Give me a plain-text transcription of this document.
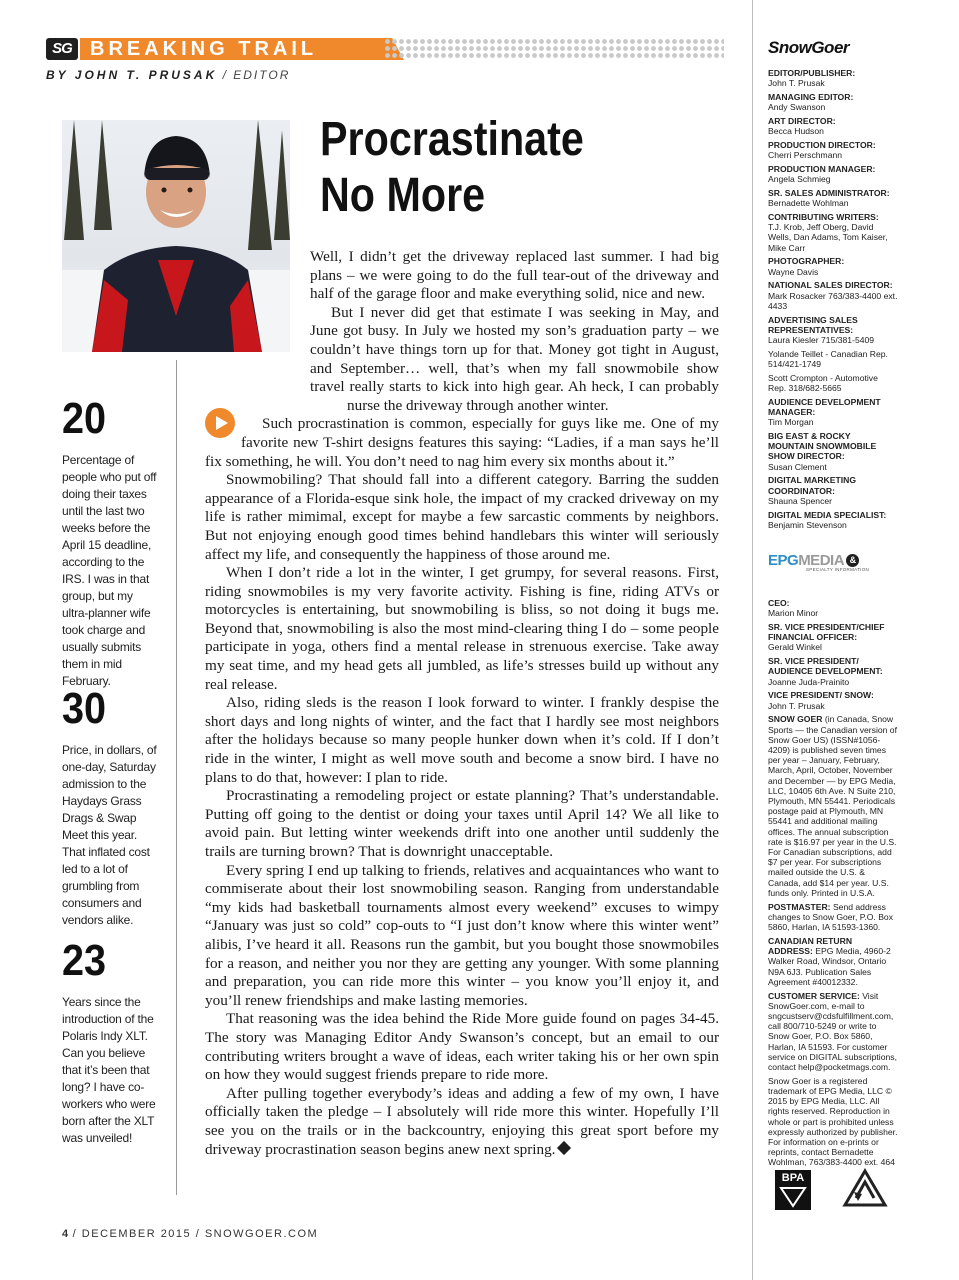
SG BREAKING TRAIL
BY JOHN T. PRUSAK / EDITOR
Procrastinate
No More

Well, I didn’t get the driveway replaced last summer. I had big plans – we were going to do the full tear-out of the driveway and half of the garage floor and make everything solid, nice and new.

But I never did get that estimate I was seeking in May, and June got busy. In July we hosted my son’s graduation party – we couldn’t have things torn up for that. Money got tight in August, and September… well, that’s when my fall snowmobile show travel really starts to kick into high gear. Ah heck, I can probably nurse the driveway through another winter.

Such procrastination is common, especially for guys like me. One of my favorite new T-shirt designs features this saying: “Ladies, if a man says he’ll fix something, he will. You don’t need to nag him every six months about it.”

Snowmobiling? That should fall into a different category. Barring the sudden appearance of a Florida-esque sink hole, the impact of my cracked driveway on my life is rather mimimal, except for maybe a few sarcastic comments by neighbors. But not enjoying enough good times behind handlebars this winter will seriously affect my life, and consequently the happiness of those around me.

When I don’t ride a lot in the winter, I get grumpy, for several reasons. First, riding snowmobiles is my very favorite activity. Fishing is fine, riding ATVs or motorcycles is entertaining, but snowmobiling is bliss, so not doing it bugs me. Beyond that, snowmobiling is also the most mind-clearing thing I do – some people participate in yoga, others find a mental release in strenuous exercise. Take away my seat time, and my head gets all jumbled, as life’s stresses build up without any real release.

Also, riding sleds is the reason I look forward to winter. I frankly despise the short days and long nights of winter, and the fact that I hardly see most neighbors after the holidays because so many people hunker down when it’s cold. If I don’t ride in the winter, I might as well move south and become a snow bird. I have no plans to do that, however: I plan to ride.

Procrastinating a remodeling project or estate planning? That’s understandable. Putting off going to the dentist or doing your taxes until April 14? We all like to avoid pain. But letting winter weekends drift into one another until suddenly the trails are turning brown? That is downright unacceptable.

Every spring I end up talking to friends, relatives and acquaintances who want to commiserate about their lost snowmobiling season. Ranging from understandable “my kids had basketball tournaments almost every weekend” excuses to wimpy “January was just so cold” cop-outs to “I just don’t know where this winter went” alibis, I’ve heard it all. Reasons run the gambit, but you bought those snowmobiles for a reason, and neither you nor they are getting any younger. With some planning and preparation, you can ride more this winter – you know you’ll enjoy it, and you’ll renew friendships and make lasting memories.

That reasoning was the idea behind the Ride More guide found on pages 34-45. The story was Managing Editor Andy Swanson’s concept, but an email to our contributing writers brought a wave of ideas, each writer taking his or her own spin on how they would suggest friends prepare to ride more.

After pulling together everybody’s ideas and adding a few of my own, I have officially taken the pledge – I absolutely will ride more this winter. Hopefully I’ll see you on the trails or in the backcountry, enjoying this great sport before my driveway procrastination season begins anew next spring.

20

Percentage of people who put off doing their taxes until the last two weeks before the April 15 deadline, according to the IRS. I was in that group, but my ultra-planner wife took charge and usually submits them in mid February.

30

Price, in dollars, of one-day, Saturday admission to the Haydays Grass Drags & Swap Meet this year. That inflated cost led to a lot of grumbling from consumers and vendors alike.

23

Years since the introduction of the Polaris Indy XLT. Can you believe that it’s been that long? I have co-workers who were born after the XLT was unveiled!

SnowGoer
EDITOR/PUBLISHER:
John T. Prusak
MANAGING EDITOR:
Andy Swanson
ART DIRECTOR:
Becca Hudson
PRODUCTION DIRECTOR:
Cherri Perschmann
PRODUCTION MANAGER:
Angela Schmieg
SR. SALES ADMINISTRATOR:
Bernadette Wohlman
CONTRIBUTING WRITERS:
T.J. Krob, Jeff Oberg, David Wells, Dan Adams, Tom Kaiser, Mike Carr
PHOTOGRAPHER:
Wayne Davis
NATIONAL SALES DIRECTOR:
Mark Rosacker 763/383-4400 ext. 4433
ADVERTISING SALES REPRESENTATIVES:
Laura Kiesler 715/381-5409
Yolande Teillet - Canadian Rep. 514/421-1749
Scott Crompton - Automotive Rep. 318/682-5665
AUDIENCE DEVELOPMENT MANAGER:
Tim Morgan
BIG EAST & ROCKY MOUNTAIN SNOWMOBILE SHOW DIRECTOR:
Susan Clement
DIGITAL MARKETING COORDINATOR:
Shauna Spencer
DIGITAL MEDIA SPECIALIST:
Benjamin Stevenson
EPGMEDIA &
SPECIALTY INFORMATION
CEO:
Marion Minor
SR. VICE PRESIDENT/CHIEF FINANCIAL OFFICER:
Gerald Winkel
SR. VICE PRESIDENT/ AUDIENCE DEVELOPMENT:
Joanne Juda-Prainito
VICE PRESIDENT/ SNOW:
John T. Prusak
SNOW GOER (in Canada, Snow Sports — the Canadian version of Snow Goer US) (ISSN#1056-4209) is published seven times per year – January, February, March, April, October, November and December — by EPG Media, LLC, 10405 6th Ave. N Suite 210, Plymouth, MN 55441. Periodicals postage paid at Plymouth, MN 55441 and additional mailing offices. The annual subscription rate is $16.97 per year in the U.S. For Canadian subscriptions, add $7 per year. For subscriptions mailed outside the U.S. & Canada, add $14 per year. U.S. funds only. Printed in U.S.A.
POSTMASTER: Send address changes to Snow Goer, P.O. Box 5860, Harlan, IA 51593-1360.
CANADIAN RETURN ADDRESS: EPG Media, 4960-2 Walker Road, Windsor, Ontario N9A 6J3. Publication Sales Agreement #40012332.
CUSTOMER SERVICE: Visit SnowGoer.com, e-mail to sngcustserv@cdsfulfillment.com, call 800/710-5249 or write to Snow Goer, P.O. Box 5860, Harlan, IA 51593. For customer service on DIGITAL subscriptions, contact help@pocketmags.com.
Snow Goer is a registered trademark of EPG Media, LLC © 2015 by EPG Media, LLC. All rights reserved. Reproduction in whole or part is prohibited unless expressly authorized by publisher. For information on e-prints or reprints, contact Bernadette Wohlman, 763/383-4400 ext. 464
BPA
4 / DECEMBER 2015 / SNOWGOER.COM
